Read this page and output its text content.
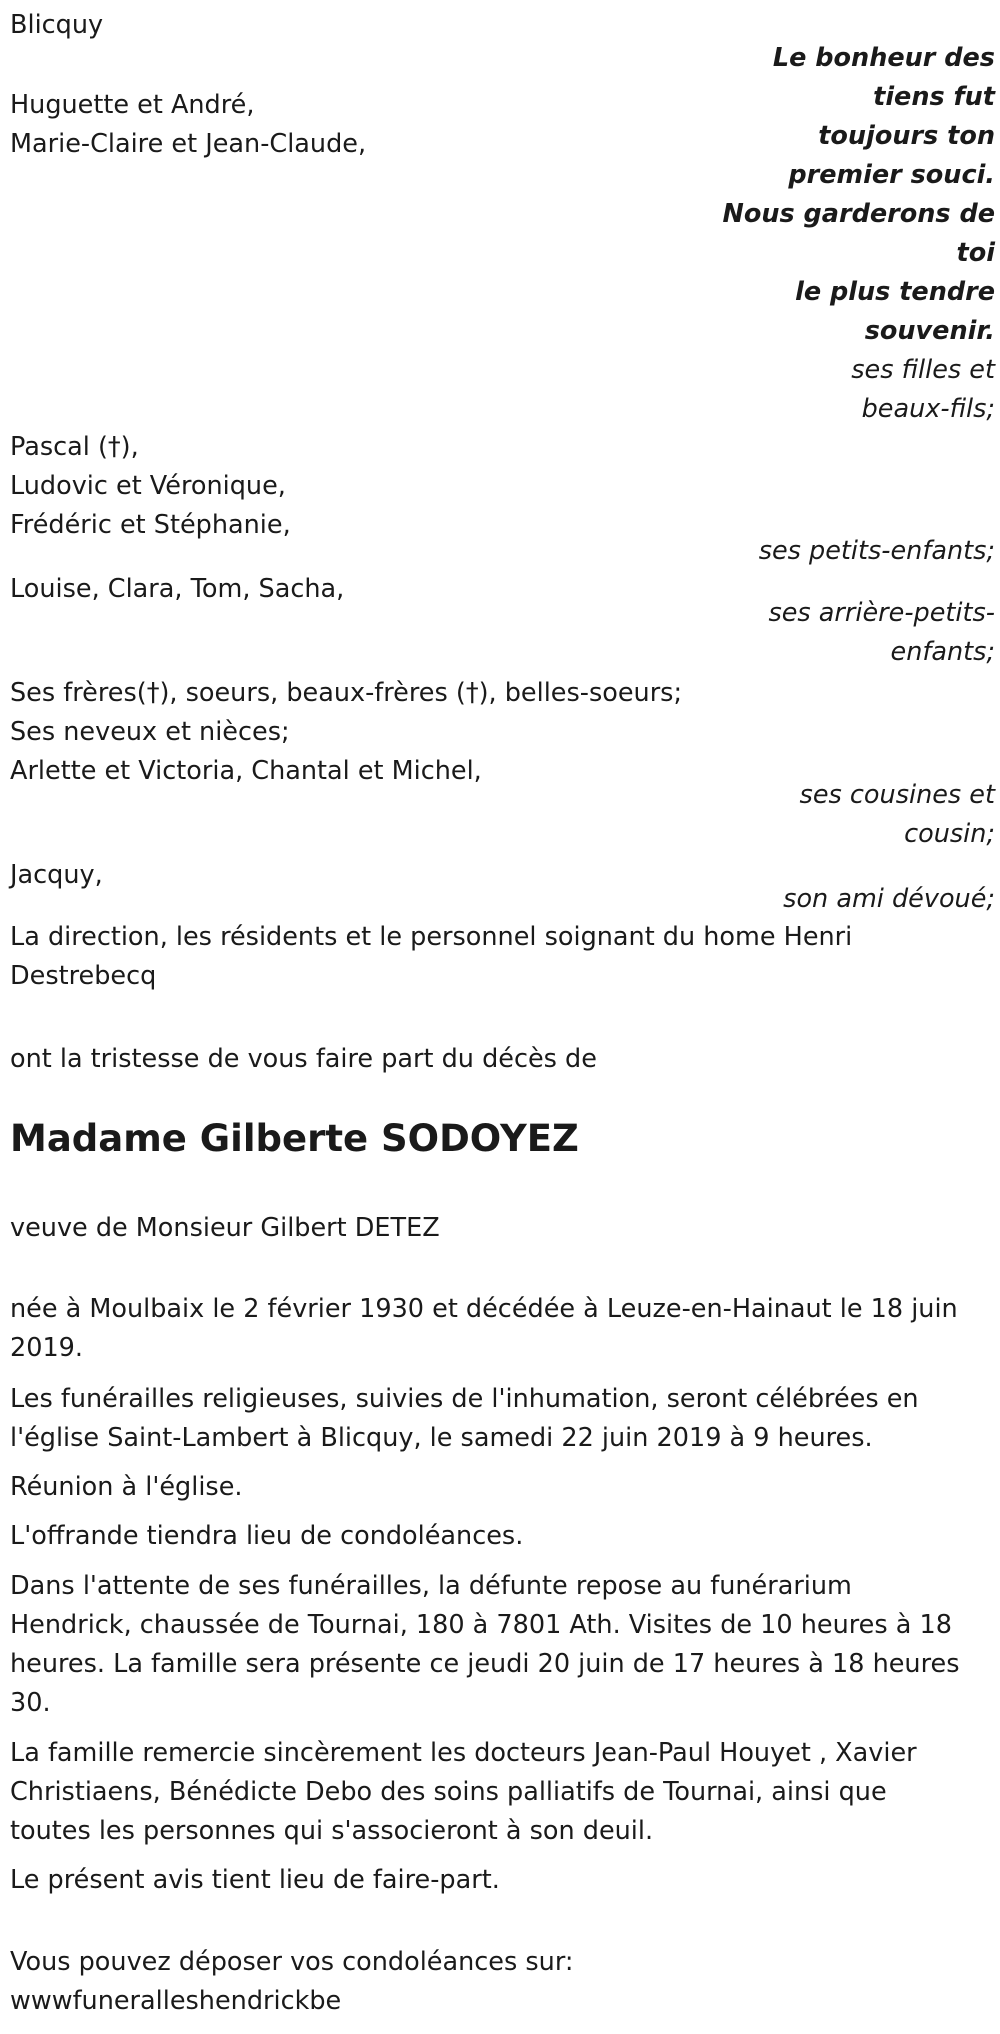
Blicquy
Le bonheur des
tiens fut
toujours ton
premier souci.
Nous garderons de
toi
le plus tendre
souvenir.
Huguette et André,
Marie-Claire et Jean-Claude,
ses filles et
beaux-fils;
Pascal (†),
Ludovic et Véronique,
Frédéric et Stéphanie,
ses petits-enfants;
Louise, Clara, Tom, Sacha,
ses arrière-petits-
enfants;
Ses frères(†), soeurs, beaux-frères (†), belles-soeurs;
Ses neveux et nièces;
Arlette et Victoria, Chantal et Michel,
ses cousines et
cousin;
Jacquy,
son ami dévoué;
La direction, les résidents et le personnel soignant du home Henri
Destrebecq
ont la tristesse de vous faire part du décès de
Madame Gilberte SODOYEZ
veuve de Monsieur Gilbert DETEZ
née à Moulbaix le 2 février 1930 et décédée à Leuze-en-Hainaut le 18 juin
2019.
Les funérailles religieuses, suivies de l'inhumation, seront célébrées en
l'église Saint-Lambert à Blicquy, le samedi 22 juin 2019 à 9 heures.
Réunion à l'église.
L'offrande tiendra lieu de condoléances.
Dans l'attente de ses funérailles, la défunte repose au funérarium
Hendrick, chaussée de Tournai, 180 à 7801 Ath. Visites de 10 heures à 18
heures. La famille sera présente ce jeudi 20 juin de 17 heures à 18 heures
30.
La famille remercie sincèrement les docteurs Jean-Paul Houyet , Xavier
Christiaens, Bénédicte Debo des soins palliatifs de Tournai, ainsi que
toutes les personnes qui s'associeront à son deuil.
Le présent avis tient lieu de faire-part.
Vous pouvez déposer vos condoléances sur:
wwwfuneralleshendrickbe
